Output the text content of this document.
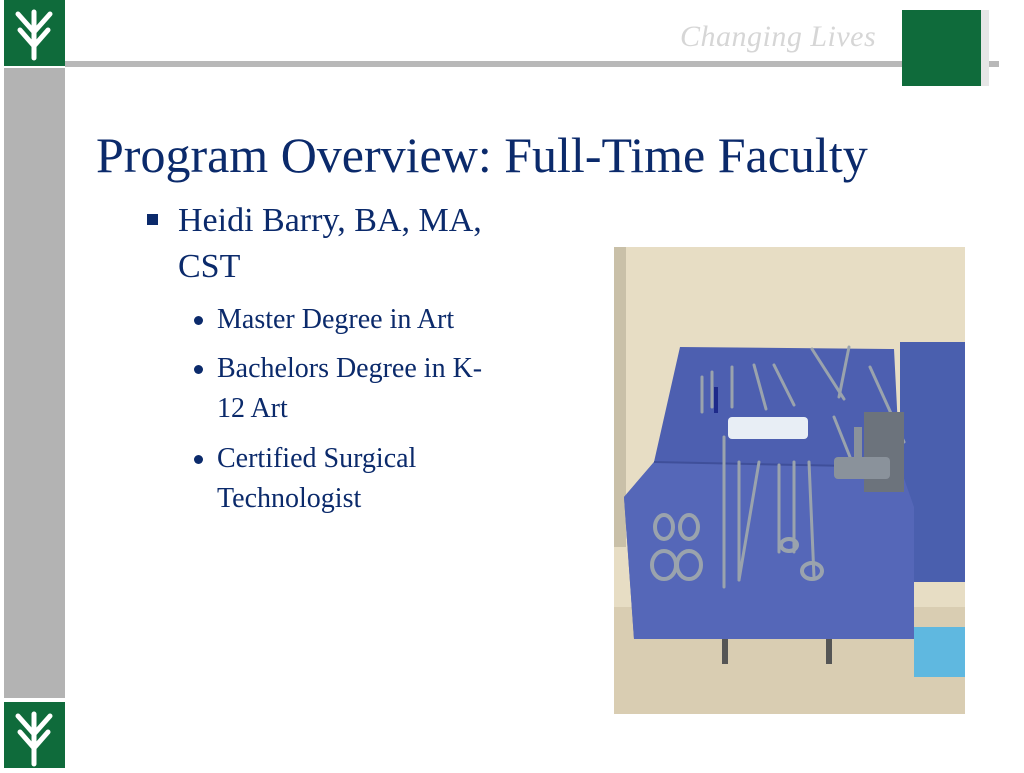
Changing Lives
Program Overview: Full-Time Faculty
Heidi Barry, BA, MA, CST
Master Degree in Art
Bachelors Degree in K-12 Art
Certified Surgical Technologist
